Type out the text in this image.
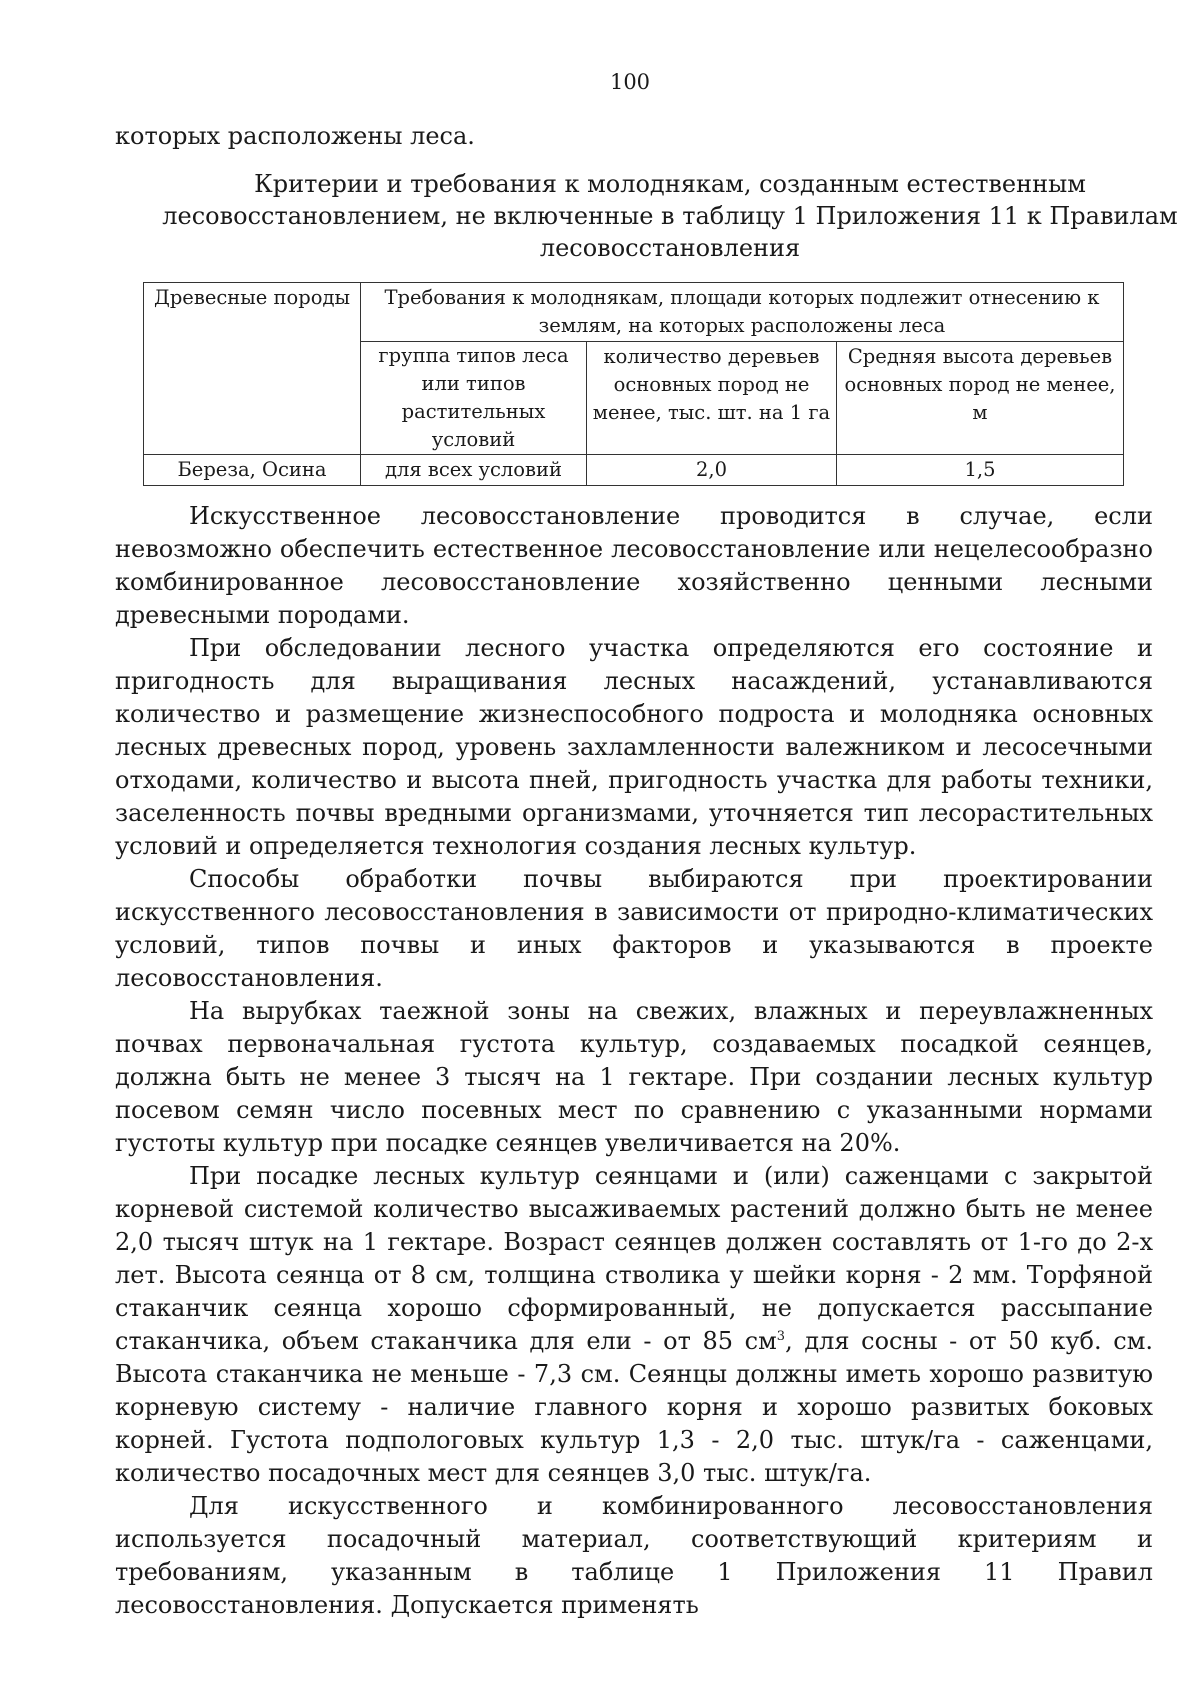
100
которых расположены леса.
Критерии и требования к молоднякам, созданным естественным лесовосстановлением, не включенные в таблицу 1 Приложения 11 к Правилам лесовосстановления
Древесные породы	Требования к молоднякам, площади которых подлежит отнесению к землям, на которых расположены леса		
	группа типов леса или типов растительных условий	количество деревьев основных пород не менее, тыс. шт. на 1 га	Средняя высота деревьев основных пород не менее, м
Береза, Осина	для всех условий	2,0	1,5

Искусственное лесовосстановление проводится в случае, если невозможно обеспечить естественное лесовосстановление или нецелесообразно комбинированное лесовосстановление хозяйственно ценными лесными древесными породами.

При обследовании лесного участка определяются его состояние и пригодность для выращивания лесных насаждений, устанавливаются количество и размещение жизнеспособного подроста и молодняка основных лесных древесных пород, уровень захламленности валежником и лесосечными отходами, количество и высота пней, пригодность участка для работы техники, заселенность почвы вредными организмами, уточняется тип лесорастительных условий и определяется технология создания лесных культур.

Способы обработки почвы выбираются при проектировании искусственного лесовосстановления в зависимости от природно-климатических условий, типов почвы и иных факторов и указываются в проекте лесовосстановления.

На вырубках таежной зоны на свежих, влажных и переувлажненных почвах первоначальная густота культур, создаваемых посадкой сеянцев, должна быть не менее 3 тысяч на 1 гектаре. При создании лесных культур посевом семян число посевных мест по сравнению с указанными нормами густоты культур при посадке сеянцев увеличивается на 20%.

При посадке лесных культур сеянцами и (или) саженцами с закрытой корневой системой количество высаживаемых растений должно быть не менее 2,0 тысяч штук на 1 гектаре. Возраст сеянцев должен составлять от 1-го до 2-х лет. Высота сеянца от 8 см, толщина стволика у шейки корня - 2 мм. Торфяной стаканчик сеянца хорошо сформированный, не допускается рассыпание стаканчика, объем стаканчика для ели - от 85 $см^3$, для сосны - от 50 куб. см. Высота стаканчика не меньше - 7,3 см. Сеянцы должны иметь хорошо развитую корневую систему - наличие главного корня и хорошо развитых боковых корней. Густота подпологовых культур 1,3 - 2,0 тыс. штук/га - саженцами, количество посадочных мест для сеянцев 3,0 тыс. штук/га.

Для искусственного и комбинированного лесовосстановления используется посадочный материал, соответствующий критериям и требованиям, указанным в таблице 1 Приложения 11 Правил лесовосстановления. Допускается применять
